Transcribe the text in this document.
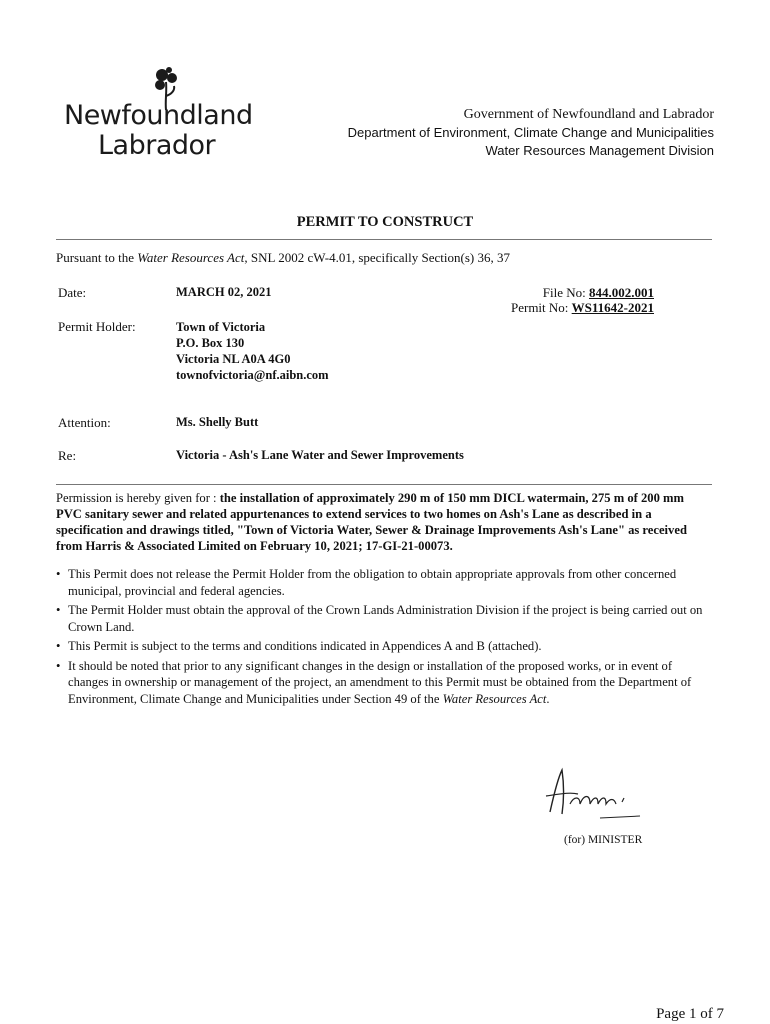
Newfoundland
Labrador
Government of Newfoundland and Labrador
Department of Environment, Climate Change and Municipalities
Water Resources Management Division
PERMIT TO CONSTRUCT
Pursuant to the Water Resources Act, SNL 2002 cW-4.01, specifically Section(s) 36, 37
Date:	MARCH 02, 2021	File No: 844.002.001
Permit No: WS11642-2021
Permit Holder:	Town of Victoria
P.O. Box 130
Victoria NL A0A 4G0
townofvictoria@nf.aibn.com
Attention:	Ms. Shelly Butt
Re:	Victoria - Ash's Lane Water and Sewer Improvements
Permission is hereby given for : the installation of approximately 290 m of 150 mm DICL watermain, 275 m of 200 mm PVC sanitary sewer and related appurtenances to extend services to two homes on Ash's Lane as described in a specification and drawings titled, "Town of Victoria Water, Sewer & Drainage Improvements Ash's Lane" as received from Harris & Associated Limited on February 10, 2021; 17-GI-21-00073.
• This Permit does not release the Permit Holder from the obligation to obtain appropriate approvals from other concerned municipal, provincial and federal agencies.
• The Permit Holder must obtain the approval of the Crown Lands Administration Division if the project is being carried out on Crown Land.
• This Permit is subject to the terms and conditions indicated in Appendices A and B (attached).
• It should be noted that prior to any significant changes in the design or installation of the proposed works, or in event of changes in ownership or management of the project, an amendment to this Permit must be obtained from the Department of Environment, Climate Change and Municipalities under Section 49 of the Water Resources Act.
(for) MINISTER
Page 1 of 7
